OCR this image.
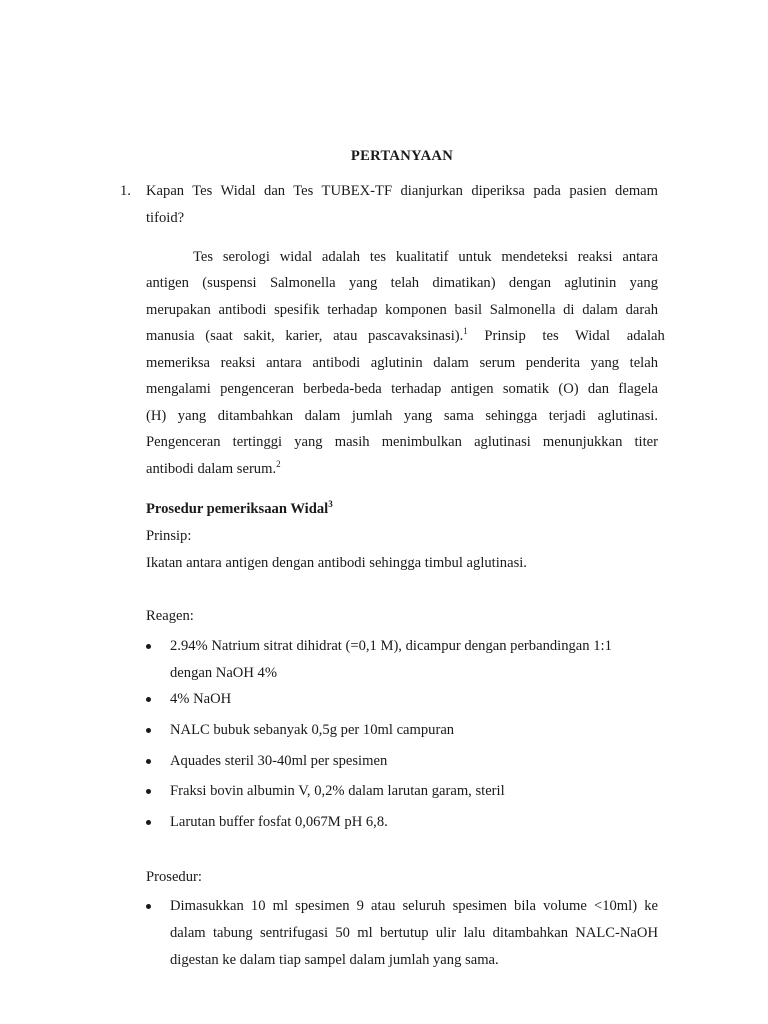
PERTANYAAN
1. Kapan Tes Widal dan Tes TUBEX-TF dianjurkan diperiksa pada pasien demam
tifoid?
Tes serologi widal adalah tes kualitatif untuk mendeteksi reaksi antara
antigen (suspensi Salmonella yang telah dimatikan) dengan aglutinin yang
merupakan antibodi spesifik terhadap komponen basil Salmonella di dalam darah
manusia (saat sakit, karier, atau pascavaksinasi).$^1$ Prinsip tes Widal adalah
memeriksa reaksi antara antibodi aglutinin dalam serum penderita yang telah
mengalami pengenceran berbeda-beda terhadap antigen somatik (O) dan flagela
(H) yang ditambahkan dalam jumlah yang sama sehingga terjadi aglutinasi.
Pengenceran tertinggi yang masih menimbulkan aglutinasi menunjukkan titer
antibodi dalam serum.$^2$
Prosedur pemeriksaan Widal$^3$
Prinsip:
Ikatan antara antigen dengan antibodi sehingga timbul aglutinasi.
Reagen:
2.94% Natrium sitrat dihidrat (=0,1 M), dicampur dengan perbandingan 1:1
dengan NaOH 4%
4% NaOH
NALC bubuk sebanyak 0,5g per 10ml campuran
Aquades steril 30-40ml per spesimen
Fraksi bovin albumin V, 0,2% dalam larutan garam, steril
Larutan buffer fosfat 0,067M pH 6,8.
Prosedur:
Dimasukkan 10 ml spesimen 9 atau seluruh spesimen bila volume <10ml) ke
dalam tabung sentrifugasi 50 ml bertutup ulir lalu ditambahkan NALC-NaOH
digestan ke dalam tiap sampel dalam jumlah yang sama.
